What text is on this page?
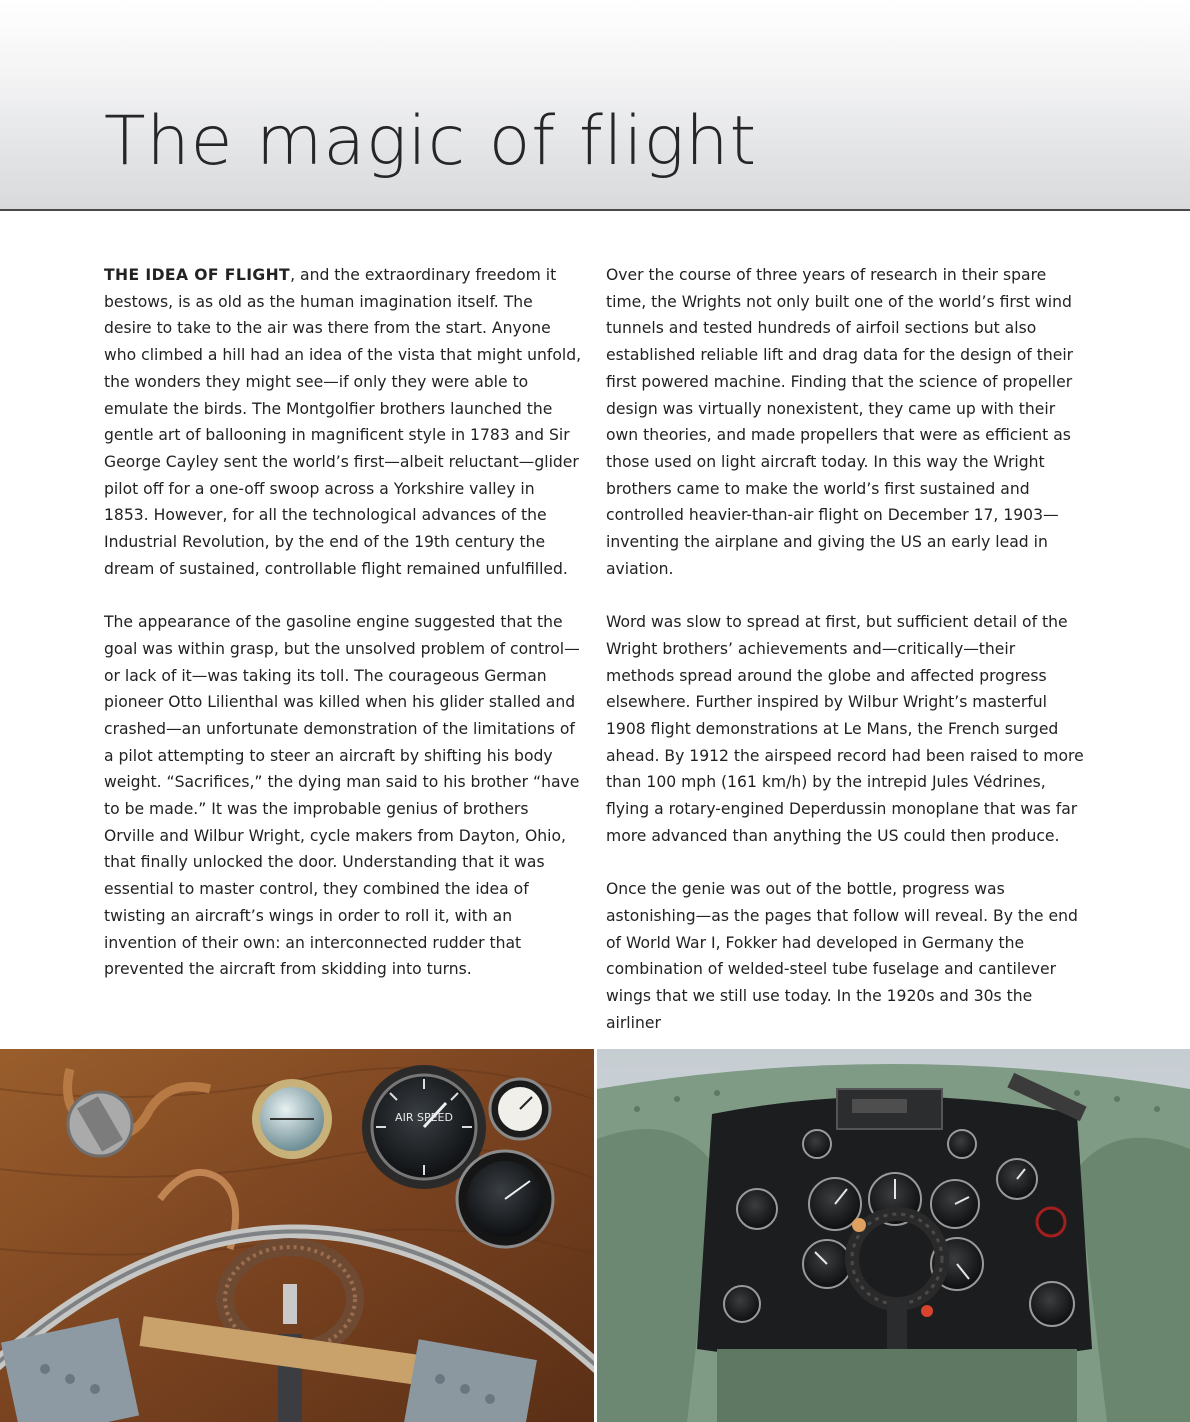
The magic of flight

THE IDEA OF FLIGHT, and the extraordinary freedom it bestows, is as old as the human imagination itself. The desire to take to the air was there from the start. Anyone who climbed a hill had an idea of the vista that might unfold, the wonders they might see—if only they were able to emulate the birds. The Montgolfier brothers launched the gentle art of ballooning in magnificent style in 1783 and Sir George Cayley sent the world’s first—albeit reluctant—glider pilot off for a one-off swoop across a Yorkshire valley in 1853. However, for all the technological advances of the Industrial Revolution, by the end of the 19th century the dream of sustained, controllable flight remained unfulfilled.

The appearance of the gasoline engine suggested that the goal was within grasp, but the unsolved problem of control—or lack of it—was taking its toll. The courageous German pioneer Otto Lilienthal was killed when his glider stalled and crashed—an unfortunate demonstration of the limitations of a pilot attempting to steer an aircraft by shifting his body weight. “Sacrifices,” the dying man said to his brother “have to be made.” It was the improbable genius of brothers Orville and Wilbur Wright, cycle makers from Dayton, Ohio, that finally unlocked the door. Understanding that it was essential to master control, they combined the idea of twisting an aircraft’s wings in order to roll it, with an invention of their own: an interconnected rudder that prevented the aircraft from skidding into turns.

Over the course of three years of research in their spare time, the Wrights not only built one of the world’s first wind tunnels and tested hundreds of airfoil sections but also established reliable lift and drag data for the design of their first powered machine. Finding that the science of propeller design was virtually nonexistent, they came up with their own theories, and made propellers that were as efficient as those used on light aircraft today. In this way the Wright brothers came to make the world’s first sustained and controlled heavier-than-air flight on December 17, 1903—inventing the airplane and giving the US an early lead in aviation.

Word was slow to spread at first, but sufficient detail of the Wright brothers’ achievements and—critically—their methods spread around the globe and affected progress elsewhere. Further inspired by Wilbur Wright’s masterful 1908 flight demonstrations at Le Mans, the French surged ahead. By 1912 the airspeed record had been raised to more than 100 mph (161 km/h) by the intrepid Jules Védrines, flying a rotary-engined Deperdussin monoplane that was far more advanced than anything the US could then produce.

Once the genie was out of the bottle, progress was astonishing—as the pages that follow will reveal. By the end of World War I, Fokker had developed in Germany the combination of welded-steel tube fuselage and cantilever wings that we still use today. In the 1920s and 30s the airliner

AIR SPEED
